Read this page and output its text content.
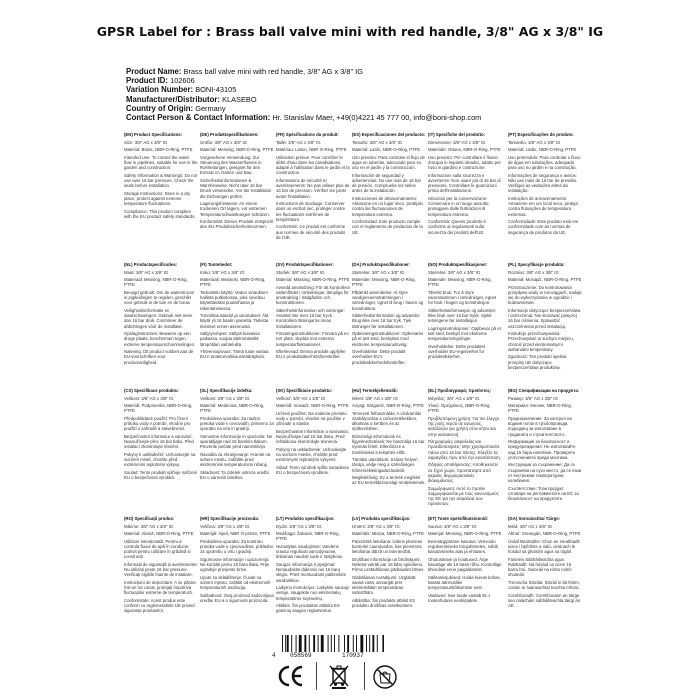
GPSR Label for : Brass ball valve mini with red handle, 3/8" AG x 3/8" IG
Product Name: Brass ball valve mini with red handle, 3/8" AG x 3/8" IG
Product ID: 102606
Variation Number: BONI-43105
Manufacturer/Distributor: KLASEBO
Country of Origin: Germany
Contact Person & Contact Information: Hr. Stanislav Maer, +49(0)4221 45 777 00, info@boni-shop.com

(EN) Product Specifications:

Size: 3/8" AG x 3/8" IG

Material: Brass, NBR-O-Ring, PTFE

Intended Use: To control the water flow in pipelines, suitable for use in the garden and construction.

Safety Information & Warnings: Do not use over 16 bar pressure. Check the seals before installation.

Storage Instructions: Store in a dry place, protect against extreme temperature fluctuations.

Compliance: This product complies with the EU product safety standards.

(DE) Produktspezifikationen:

Größe: 3/8" AG x 3/8" IG

Material: Messing, NBR-O-Ring, PTFE

Vorgesehene Verwendung: Zur Steuerung des Wasserflusses in Rohrleitungen, geeignet für den Einsatz im Garten und Bau.

Sicherheitsinformationen & Warnhinweise: Nicht über 16 bar Druck verwenden. Vor der Installation die Dichtungen prüfen.

Lagerungshinweise: An einem trockenen Ort lagern, vor extremen Temperaturschwankungen schützen.

Konformität: Dieses Produkt entspricht den EU-Produktsicherheitsnormen.

(FR) Spécifications du produit:

Taille: 3/8" AG x 3/8" IG

Matériau: Laiton, NBR-O-Ring, PTFE

Utilisation prévue: Pour contrôler le débit d'eau dans les canalisations, adapté à l'utilisation dans le jardin et la construction.

Informations de sécurité et avertissements: Ne pas utiliser plus de 16 bar de pression. Vérifiez les joints avant l'installation.

Instructions de stockage: Conserver dans un endroit sec, protéger contre les fluctuations extrêmes de température.

Conformité: Ce produit est conforme aux normes de sécurité des produits de l'UE.

(ES) Especificaciones del producto:

Tamaño: 3/8" AG x 3/8" IG

Material: Latón, NBR-O-Ring, PTFE

Uso previsto: Para controlar el flujo de agua en tuberías, adecuado para su uso en el jardín y la construcción.

Información de seguridad y advertencias: No use más de 16 bar de presión. Compruebe los sellos antes de la instalación.

Instrucciones de almacenamiento: Almacene en un lugar seco, protéjalo contra las fluctuaciones de temperatura extrema.

Conformidad: Este producto cumple con el reglamento de productos de la UE.

(IT) Specifiche del prodotto:

Dimensione: 3/8" AG x 3/8" IG

Materiale: Ottone, NBR-O-Ring, PTFE

Uso previsto: Per controllare il flusso d'acqua in impianti idraulici, adatto per l'uso in giardino e costruzione.

Informazioni sulla sicurezza e avvertenze: Non usare più di 16 bar di pressione. Controllare le guarnizioni prima dell'installazione.

Istruzioni per la conservazione: Conservare in un luogo asciutto, proteggere dalle fluttuazioni di temperatura estrema.

Conformità: Questo prodotto è conforme ai regolamenti sulla sicurezza dei prodotti dell'UE.

(PT) Especificações do produto:

Tamanho: 3/8" AG x 3/8" IG

Material: Latão, NBR-O-Ring, PTFE

Uso pretendido: Para controlar o fluxo de água em tubulações, adequado para uso no jardim e na construção.

Informações de segurança e avisos: Não use mais de 16 bar de pressão. Verifique as vedações antes da instalação.

Instruções de armazenamento: Armazene em um local seco, proteja contra flutuações de temperatura extremas.

Conformidade: Este produto está em conformidade com as normas de segurança de produtos da UE.

(NL) Productspecificaties:

Maat: 3/8" AG x 3/8" IG

Materiaal: Messing, NBR-O-Ring, PTFE

Beoogd gebruik: Om de waterstroom in pijpleidingen te regelen, geschikt voor gebruik in de tuin en de bouw.

Veiligheidsinformatie en waarschuwingen: Gebruik niet meer dan 16 bar druk. Controleer de afdichtingen vóór de installatie.

Opslaginstructies: Bewaren op een droge plaats, beschermen tegen extreme temperatuurschommelingen.

Naleving: Dit product voldoet aan de EU-voorschriften voor productveiligheid.

(FI) Tuotetiedot:

Koko: 3/8" AG x 3/8" IG

Materiaali: Messinki, NBR-O-Ring, PTFE

Tarkoitettu käyttö: Veden virtauksen hallinta putkistoissa, joka soveltuu käytettäväksi puutarhassa ja rakentamisessa.

Turvallisuustiedot ja varoitukset: Älä käytä yli 16 baarin painetta. Tarkista tiivisteet ennen asennusta.

Säilytysohjeet: Säilytä kuivassa paikassa, suojaa äärimmäisiltä lämpötilan vaihteluilta.

Yhteensopivuus: Tämä tuote vastaa EU:n tuoteturvallisuusmääräyksiä.

(SV) Produktspecifikationer:

Storlek: 3/8" AG x 3/8" IG

Material: Mässing, NBR-O-Ring, PTFE

Avsedd användning: För att kontrollera vattenflödet i rörledningar, lämpliga för användning i trädgården och konstruktionen.

Säkerhetsinformation och varningar: Använd inte över 16 bar tryck. Kontrollera tätningarna innan installationen.

Förvaringsinstruktioner: Förvara på en torr plats, skydda mot extrema temperaturfluktuationer.

Efterlevnad: Denna produkt uppfyller EU:s produktsäkerhetsföreskrifter.

(DA) Produktspecifikationer:

Størrelse: 3/8" AG x 3/8" IG

Materiale: Messing, NBR-O-Ring, PTFE

Påtænkt anvendelse: At styre vandgennemstrømningen i rørledninger, egnet til brug i haven og konstruktion.

Sikkerhedsinformation og advarsler: Brug ikke over 16 bar tryk. Tjek tætninger før installationen.

Opbevaringsinstruktioner: Opbevares på et tørt sted, beskyttes mod ekstreme temperaturudsving.

Overholdelse: Dette produkt overholder EU's produktsikkerhedsforskrifter.

(NO) Produktspesifikasjoner:

Størrelse: 3/8" AG x 3/8" IG

Materiale: Messing, NBR-O-Ring, PTFE

Tiltenkt bruk: For å styre vannstrømmen i rørledninger, egnet for bruk i hagen og konstruksjon.

Sikkerhetsinformasjon og advarsler: Ikke bruk over 16 bar trykk. Sjekk tetningene før installasjon.

Lagringsinstruksjoner: Oppbevar på et tørt sted, beskytt mot ekstreme temperatursvingninger.

Overholdelse: Dette produktet overholder EU-regelverket for produktsikkerhet.

(PL) Specyfikacje produktu:

Rozmiar: 3/8" AG x 3/8" IG

Materiał: Mosiądz, NBR-O-Ring, PTFE

Przeznaczenie: Do kontrolowania przepływu wody w rurociągach, nadaje się do wykorzystania w ogrodzie i budownictwie.

Informacje dotyczące bezpieczeństwa i ostrzeżenia: Nie stosować powyżej 16 bar ciśnienia. Sprawdzić uszczelnienia przed instalacją.

Instrukcje przechowywania: Przechowywać w suchym miejscu, chronić przed ekstremalnymi wahaniami temperatury.

Zgodność: Ten produkt spełnia przepisy UE dotyczące bezpieczeństwa produktów.

(CS) Specifikace produktu:

Velikost: 3/8" AG x 3/8" IG

Materiál: Podprsenka, NBR-O-Ring, PTFE

Předpokládané použití: Pro řízení průtoku vody v potrubí, vhodné pro použití v zahradě a stavebnictví.

Bezpečnostní informace a varování: Nepoužívejte přes 16 bar tlaku. Před instalací zkontrolujte těsnění.

Pokyny k uskladnění: Uchovávejte na suchém místě, chraňte před extrémními teplotními výkyvy.

Soulad: Tento produkt splňuje nařízení EU o bezpečnosti výrobků.

(SL) Specifikacije izdelka:

Velikost: 3/8" AG x 3/8" IG

Material: Medenina, NBR-O-Ring, PTFE

Predvidena uporaba: Za nadzor pretoka vode v cevovodih, primerno za uporabo na vrtu in gradnji.

Varnostne informacije in opozorila: Ne uporabljajte nad 16 barskim tlakom. Preverite pečate pred namestitvijo.

Navodila za shranjevanje: Hranite na suhem mestu, zaščitite pred ekstremnimi temperaturnimi nihanji.

Skladnost: Ta izdelek ustreza uredbi EU o varnosti izdelkov.

(SK) Špecifikácie produktu:

Veľkosť: 3/8" AG x 3/8" IG

Materiál: mosadz, NBR-O-Ring, PTFE

Určené použitie: Na riadenie prietoku vody v potrubí, vhodné na použitie v záhrade a stavbe.

Bezpečnostné informácie a varovania: Nepoužívajte nad 16 bar tlaku. Pred inštaláciou skontrolujte tesnenia.

Pokyny na uskladnenie: Uchovávajte na suchom mieste, chráňte pred extrémnymi teplotnými výkyvmi.

Súlad: Tento výrobok spĺňa nariadenia EÚ o bezpečnosti výrobkov.

(HU) Termékjellemzők:

Méret: 3/8" AG x 3/8" IG

Anyag: Sárgaréz, NBR-O-Ring, PTFE

Tervezett felhasználás: A vízáramlás szabályozása a csővezetékekben, alkalmas a kertben és az építkezésben.

Biztonsági információk és figyelmeztetések: Ne használja 16 bar nyomás felett. Ellenőrizze a tömítéseket a telepítés előtt.

Tárolási utasítások: Száraz helyen tárolja, védje meg a szélsőséges hőmérsékletingadozásoktól.

Megfelelőség: Ez a termék megfelel az EU termékbiztonsági rendeleteinek.

(EL) Προδιαγραφές προϊόντος:

Μέγεθος: 3/8" AG x 3/8" IG

Υλικό: Ορείχαλκος, NBR-O-Ring, PTFE

Προβλεπόμενη χρήση: Για τον έλεγχο της ροής νερού σε αγωγούς, κατάλληλο για χρήση στον κήπο και στην κατασκευή.

Πληροφορίες ασφαλείας και προειδοποιήσεις: Μην χρησιμοποιείτε πάνω από 16 bar πίεσης. Ελέγξτε τις σφραγίδες πριν από την εγκατάσταση.

Οδηγίες αποθήκευσης: Αποθηκεύστε σε ξηρό χώρο, προστατέψτε από ακραίες θερμοκρασιακές διακυμάνσεις.

Συμμόρφωση: Αυτό το προϊόν συμμορφώνεται με τους κανονισμούς της ΕΕ για την ασφάλεια των προϊόντων.

(BG) Спецификации на продукта:

Размер: 3/8" AG x 3/8" IG

Материал: Месинг, NBR-O-Ring, PTFE

Предназначение: За контрол на водния поток в тръбопроводи, подходящ за използване в градината и строителството.

Информация за безопасност и предупреждения: Не използвайте над 16 бара налягане. Проверете уплътненията преди монтажа.

Инструкции за съхранение: Да се съхранява на сухо място, да се пази от екстремни температурни колебания.

Съответствие: Този продукт отговаря на регламентите на ЕС за безопасност на продуктите.

(RO) Specificații produs:

Mărime: 3/8" AG x 3/8" IG

Material: Alamă, NBR-O-Ring, PTFE

Utilizare intenționată: Pentru a controla fluxul de apă în conducte, potrivit pentru utilizare în grădină și construcții.

Informații de siguranță și avertismente: Nu utilizați peste 16 bar presiune. Verificați sigiliile înainte de instalare.

Instrucțiuni de depozitare: A se păstra într-un loc uscat, protejați împotriva fluctuațiilor extreme de temperatură.

Conformitate: Acest produs este conform cu reglementările UE privind siguranța produselor.

(HR) Specifikacije proizvoda:

Veličina: 3/8" AG x 3/8" IG

Materijal: mjed, NBR O-prsten, PTFE

Predviđena uporaba: Za kontrolu protoka vode u cjevovodima, prikladno za upotrebu u vrtu i gradnji.

Sigurnosne informacije i upozorenja: Ne koristiti preko 16 bara tlaka. Prije ugradnje provjerite brtve.

Upute za skladištenje: Čuvati na suhom mjestu, zaštititi od ekstremnih temperaturnih oscilacija.

Sukladnost: Ovaj proizvod zadovoljava uredbe EU-a o sigurnosti proizvoda.

(LT) Produkto specifikacijos:

Dydis: 3/8" AG x 3/8" IG

Medžiaga: Žalvaris, NBR-O-Ring, PTFE

Numatytas naudojimas: Vandens srautui reguliuoti vamzdynuose, tinkamas naudoti sode ir statybose.

Saugos informacija ir įspėjimai: Nenaudokite didesnio nei 16 barų slėgio. Prieš montuodami patikrinkite sandariklius.

Laikymo instrukcijos: Laikykite sausoje vietoje, saugokite nuo ekstremalių temperatūros svyravimų.

Atitiktis: Šis produktas atitinka ES gaminių saugos reglamentus.

(LV) Produkta specifikācijas:

Izmērs: 3/8" AG x 3/8" IG

Materiāls: Misiņa, NBR-O-Ring, PTFE

Paredzētā lietošana: Ūdens plūsmas kontrolei cauruļvados, kas piemērots lietošanai dārzā un būvniecībā.

Drošības informācija un brīdinājumi: Nelietot vairāk par 16 bāru spiedienu. Pirms uzstādīšanas pārbaudiet blīves.

Glabāšanas norādījumi: Uzglabāt sausā vietā, aizsargāt pret ekstremālām temperatūras svārstībām.

Atbilstība: Šis produkts atbilst ES produktu drošības noteikumiem.

(ET) Toote spetsifikatsioonid:

Suurus: 3/8" AG x 3/8" IG

Materjal: Messing, NBR-O-Ring, PTFE

Eesmärgipärane kasutus: Veevoolu reguleerimiseks torujuhtmetes, sobib kasutamiseks aias ja ehituses.

Ohutusteave ja hoiatused: Ärge kasutage üle 16 baari rõhu. Kontrollige tihendeid enne paigaldamist.

Säilitamisjuhised: Hoida kuivas kohas, kaitsta äärmuslike temperatuurikõikumiste eest.

Vastavus: See toode vastab EL-i tooteohutuse eeskirjadele.

(GA) Sonraíochtaí Táirge:

Méid: 3/8" AG x 3/8" IG

Ábhar: Sreangán, NBR-O-Ring, PTFE

Úsáid Beartaithe: Chun an sreabhadh uisce i bpíblínte a rialú, oiriúnach le húsáid sa ghairdín agus sa tógáil.

Faisnéis Sábháilteachta agus Rabhaidh: Ná húsáid os cionn 16 barra brú. Seiceáil na rónta roimh shuiteáil.

Treoracha Stórála: Stóráil in áit thirim, cosain ar luaineachtaí teochta mhóra.

Comhlíonadh: Comhlíonann an táirge seo rialacháin sábháilteachta táirgí an AE.

4 058569	170937
